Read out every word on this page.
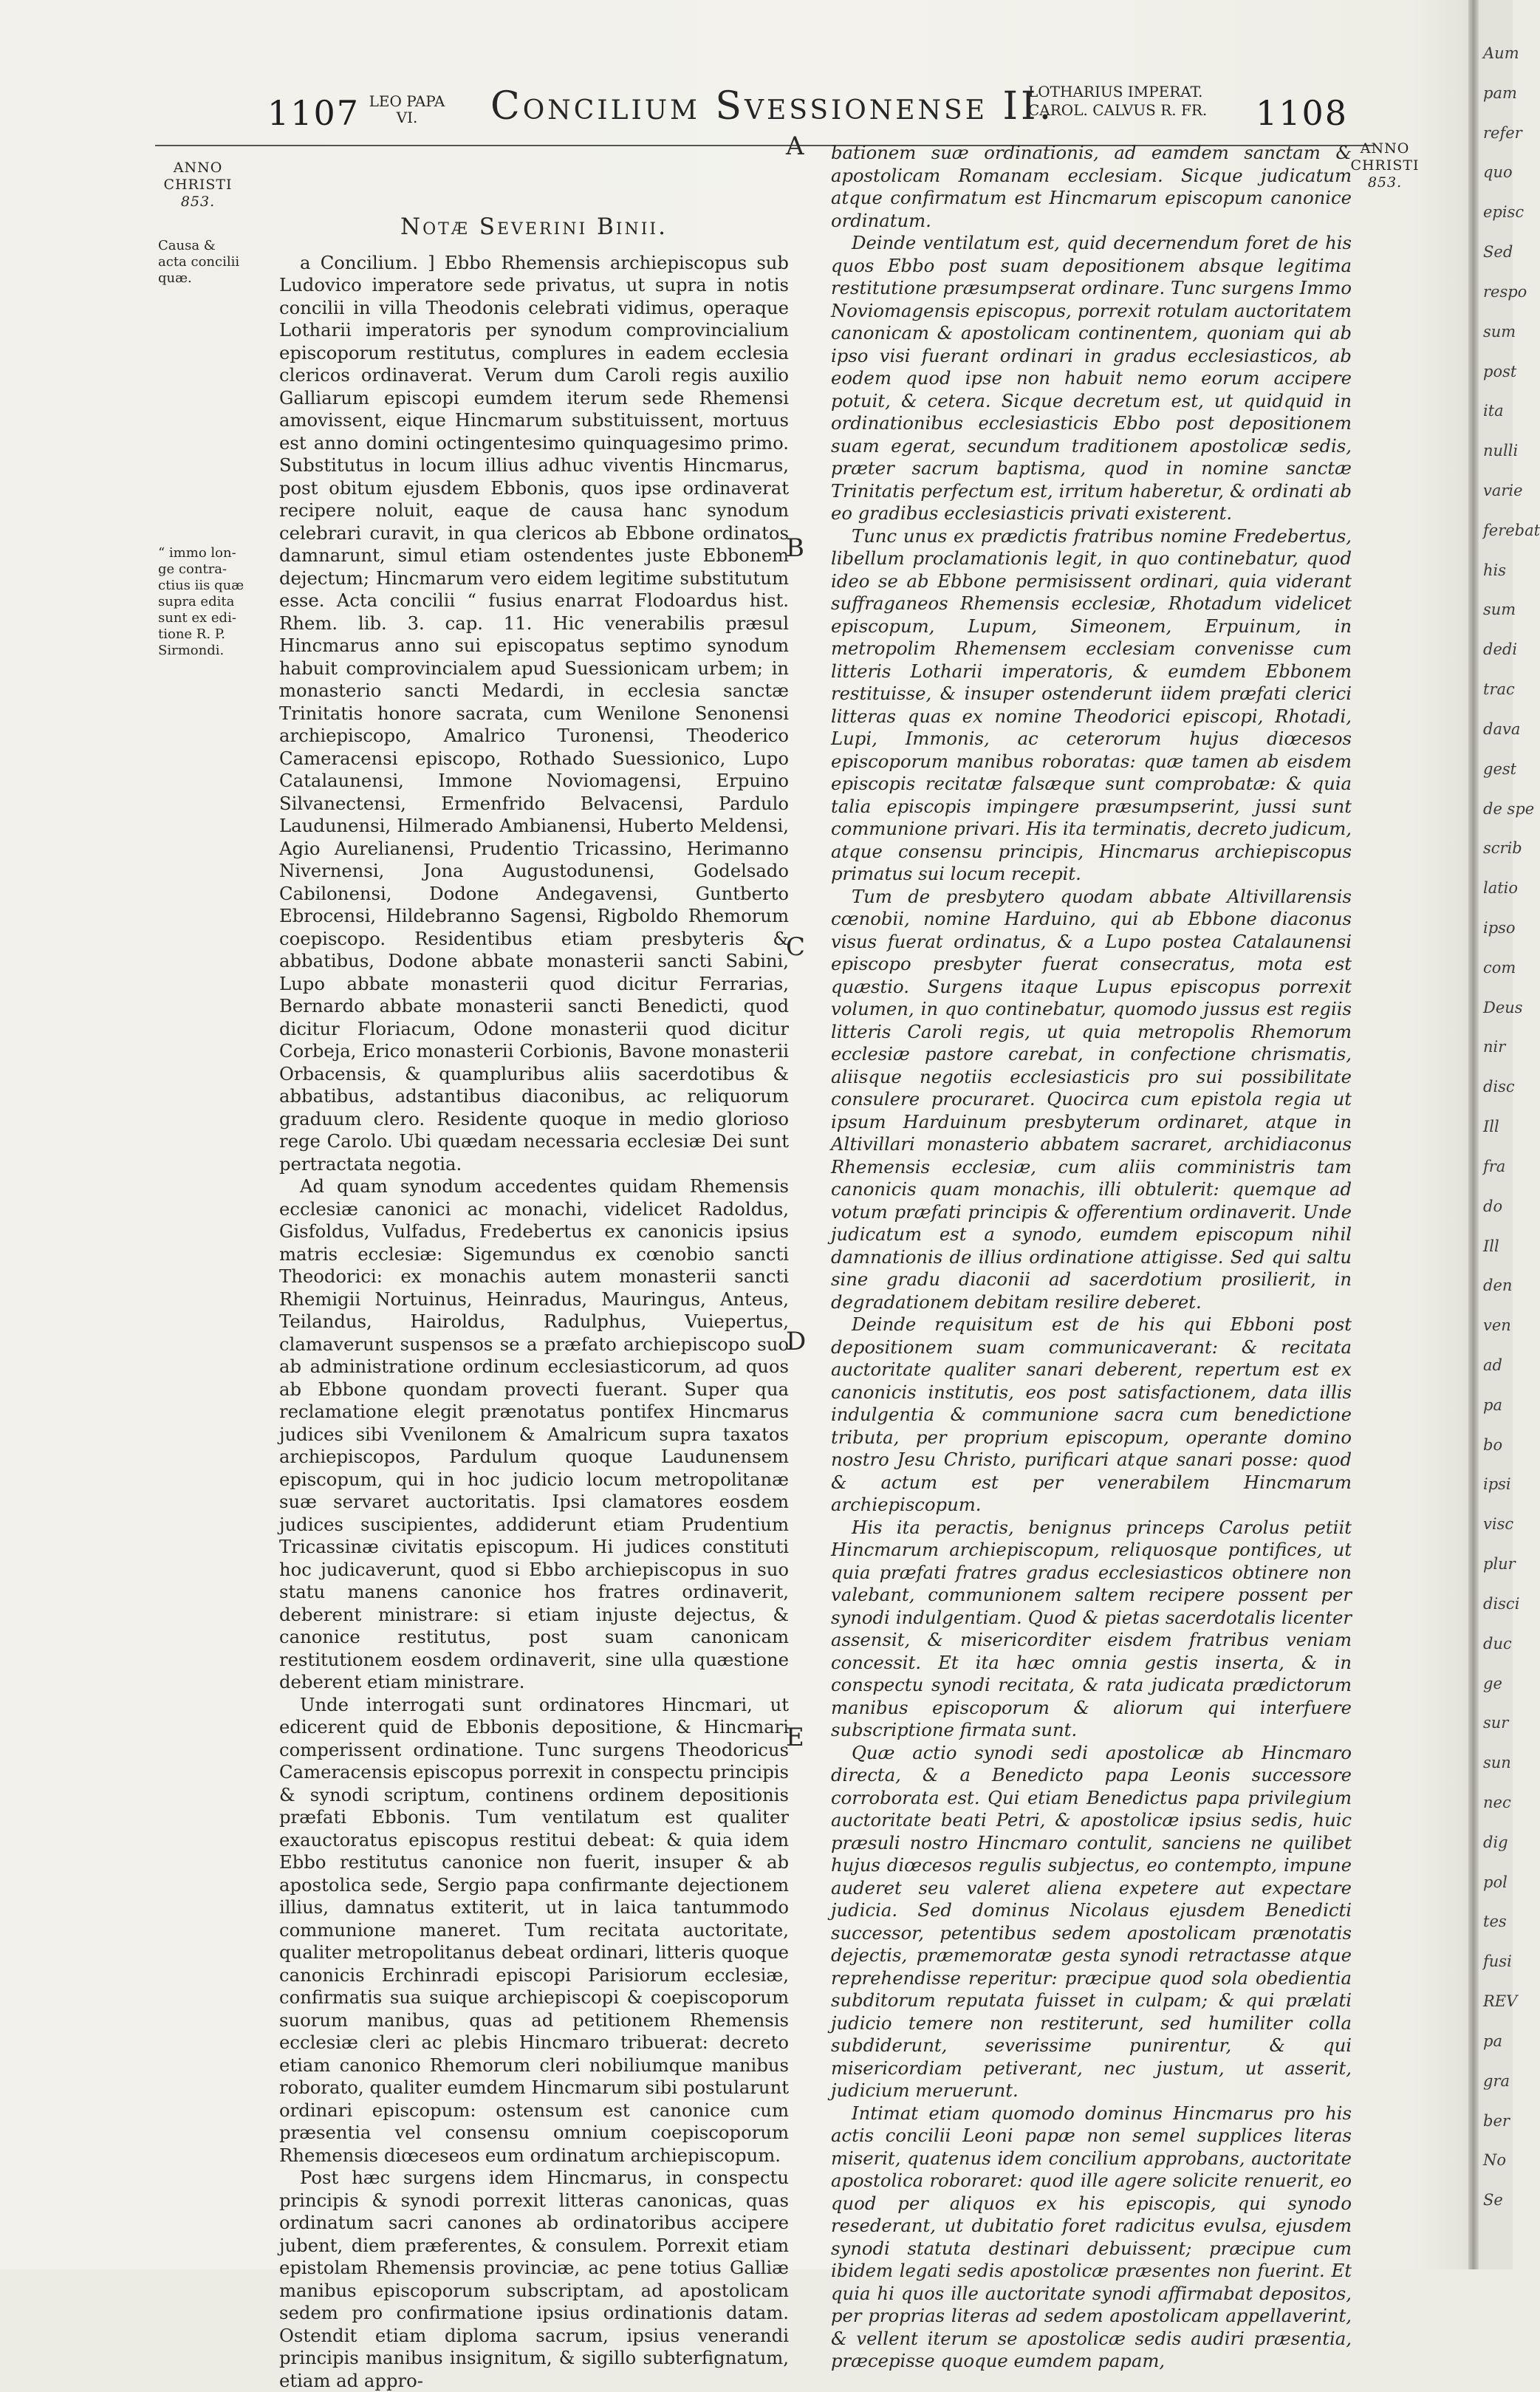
1107 LEO PAPA
VI.	Concilium Svessionense II.
LOTHARIUS IMPERAT.
CAROL. CALVUS R. FR.	1108
ANNO
CHRISTI
853.
ANNO
CHRISTI
853.
Causa &
acta concilii
quæ.
“ immo lon-
ge contra-
ctius iis quæ
supra edita
sunt ex edi-
tione R. P.
Sirmondi.

Notæ Severini Binii.

a Concilium. ] Ebbo Rhemensis archiepiscopus sub Ludovico imperatore sede privatus, ut supra in notis concilii in villa Theodonis celebrati vidimus, operaque Lotharii imperatoris per synodum comprovincialium episcoporum restitutus, complures in eadem ecclesia clericos ordinaverat. Verum dum Caroli regis auxilio Galliarum episcopi eumdem iterum sede Rhemensi amovissent, eique Hincmarum substituissent, mortuus est anno domini octingentesimo quinquagesimo primo. Substitutus in locum illius adhuc viventis Hincmarus, post obitum ejusdem Ebbonis, quos ipse ordinaverat recipere noluit, eaque de causa hanc synodum celebrari curavit, in qua clericos ab Ebbone ordinatos damnarunt, simul etiam ostendentes juste Ebbonem dejectum; Hincmarum vero eidem legitime substitutum esse. Acta concilii “ fusius enarrat Flodoardus hist. Rhem. lib. 3. cap. 11. Hic venerabilis præsul Hincmarus anno sui episcopatus septimo synodum habuit comprovincialem apud Suessionicam urbem; in monasterio sancti Medardi, in ecclesia sanctæ Trinitatis honore sacrata, cum Wenilone Senonensi archiepiscopo, Amalrico Turonensi, Theoderico Cameracensi episcopo, Rothado Suessionico, Lupo Catalaunensi, Immone Noviomagensi, Erpuino Silvanectensi, Ermenfrido Belvacensi, Pardulo Laudunensi, Hilmerado Ambianensi, Huberto Meldensi, Agio Aurelianensi, Prudentio Tricassino, Herimanno Nivernensi, Jona Augustodunensi, Godelsado Cabilonensi, Dodone Andegavensi, Guntberto Ebrocensi, Hildebranno Sagensi, Rigboldo Rhemorum coepiscopo. Residentibus etiam presbyteris & abbatibus, Dodone abbate monasterii sancti Sabini, Lupo abbate monasterii quod dicitur Ferrarias, Bernardo abbate monasterii sancti Benedicti, quod dicitur Floriacum, Odone monasterii quod dicitur Corbeja, Erico monasterii Corbionis, Bavone monasterii Orbacensis, & quampluribus aliis sacerdotibus & abbatibus, adstantibus diaconibus, ac reliquorum graduum clero. Residente quoque in medio glorioso rege Carolo. Ubi quædam necessaria ecclesiæ Dei sunt pertractata negotia.

Ad quam synodum accedentes quidam Rhemensis ecclesiæ canonici ac monachi, videlicet Radoldus, Gisfoldus, Vulfadus, Fredebertus ex canonicis ipsius matris ecclesiæ: Sigemundus ex cœnobio sancti Theodorici: ex monachis autem monasterii sancti Rhemigii Nortuinus, Heinradus, Mauringus, Anteus, Teilandus, Hairoldus, Radulphus, Vuiepertus, clamaverunt suspensos se a præfato archiepiscopo suo ab administratione ordinum ecclesiasticorum, ad quos ab Ebbone quondam provecti fuerant. Super qua reclamatione elegit prænotatus pontifex Hincmarus judices sibi Vvenilonem & Amalricum supra taxatos archiepiscopos, Pardulum quoque Laudunensem episcopum, qui in hoc judicio locum metropolitanæ suæ servaret auctoritatis. Ipsi clamatores eosdem judices suscipientes, addiderunt etiam Prudentium Tricassinæ civitatis episcopum. Hi judices constituti hoc judicaverunt, quod si Ebbo archiepiscopus in suo statu manens canonice hos fratres ordinaverit, deberent ministrare: si etiam injuste dejectus, & canonice restitutus, post suam canonicam restitutionem eosdem ordinaverit, sine ulla quæstione deberent etiam ministrare.

Unde interrogati sunt ordinatores Hincmari, ut edicerent quid de Ebbonis depositione, & Hincmari comperissent ordinatione. Tunc surgens Theodoricus Cameracensis episcopus porrexit in conspectu principis & synodi scriptum, continens ordinem depositionis præfati Ebbonis. Tum ventilatum est qualiter exauctoratus episcopus restitui debeat: & quia idem Ebbo restitutus canonice non fuerit, insuper & ab apostolica sede, Sergio papa confirmante dejectionem illius, damnatus extiterit, ut in laica tantummodo communione maneret. Tum recitata auctoritate, qualiter metropolitanus debeat ordinari, litteris quoque canonicis Erchinradi episcopi Parisiorum ecclesiæ, confirmatis sua suique archiepiscopi & coepiscoporum suorum manibus, quas ad petitionem Rhemensis ecclesiæ cleri ac plebis Hincmaro tribuerat: decreto etiam canonico Rhemorum cleri nobiliumque manibus roborato, qualiter eumdem Hincmarum sibi postularunt ordinari episcopum: ostensum est canonice cum præsentia vel consensu omnium coepiscoporum Rhemensis diœceseos eum ordinatum archiepiscopum.

Post hæc surgens idem Hincmarus, in conspectu principis & synodi porrexit litteras canonicas, quas ordinatum sacri canones ab ordinatoribus accipere jubent, diem præferentes, & consulem. Porrexit etiam epistolam Rhemensis provinciæ, ac pene totius Galliæ manibus episcoporum subscriptam, ad apostolicam sedem pro confirmatione ipsius ordinationis datam. Ostendit etiam diploma sacrum, ipsius venerandi principis manibus insignitum, & sigillo subterfignatum, etiam ad appro-

A
B
C
D
E

bationem suæ ordinationis, ad eamdem sanctam & apostolicam Romanam ecclesiam. Sicque judicatum atque confirmatum est Hincmarum episcopum canonice ordinatum.

Deinde ventilatum est, quid decernendum foret de his quos Ebbo post suam depositionem absque legitima restitutione præsumpserat ordinare. Tunc surgens Immo Noviomagensis episcopus, porrexit rotulam auctoritatem canonicam & apostolicam continentem, quoniam qui ab ipso visi fuerant ordinari in gradus ecclesiasticos, ab eodem quod ipse non habuit nemo eorum accipere potuit, & cetera. Sicque decretum est, ut quidquid in ordinationibus ecclesiasticis Ebbo post depositionem suam egerat, secundum traditionem apostolicæ sedis, præter sacrum baptisma, quod in nomine sanctæ Trinitatis perfectum est, irritum haberetur, & ordinati ab eo gradibus ecclesiasticis privati existerent.

Tunc unus ex prædictis fratribus nomine Fredebertus, libellum proclamationis legit, in quo continebatur, quod ideo se ab Ebbone permisissent ordinari, quia viderant suffraganeos Rhemensis ecclesiæ, Rhotadum videlicet episcopum, Lupum, Simeonem, Erpuinum, in metropolim Rhemensem ecclesiam convenisse cum litteris Lotharii imperatoris, & eumdem Ebbonem restituisse, & insuper ostenderunt iidem præfati clerici litteras quas ex nomine Theodorici episcopi, Rhotadi, Lupi, Immonis, ac ceterorum hujus diœcesos episcoporum manibus roboratas: quæ tamen ab eisdem episcopis recitatæ falsæque sunt comprobatæ: & quia talia episcopis impingere præsumpserint, jussi sunt communione privari. His ita terminatis, decreto judicum, atque consensu principis, Hincmarus archiepiscopus primatus sui locum recepit.

Tum de presbytero quodam abbate Altivillarensis cœnobii, nomine Harduino, qui ab Ebbone diaconus visus fuerat ordinatus, & a Lupo postea Catalaunensi episcopo presbyter fuerat consecratus, mota est quæstio. Surgens itaque Lupus episcopus porrexit volumen, in quo continebatur, quomodo jussus est regiis litteris Caroli regis, ut quia metropolis Rhemorum ecclesiæ pastore carebat, in confectione chrismatis, aliisque negotiis ecclesiasticis pro sui possibilitate consulere procuraret. Quocirca cum epistola regia ut ipsum Harduinum presbyterum ordinaret, atque in Altivillari monasterio abbatem sacraret, archidiaconus Rhemensis ecclesiæ, cum aliis comministris tam canonicis quam monachis, illi obtulerit: quemque ad votum præfati principis & offerentium ordinaverit. Unde judicatum est a synodo, eumdem episcopum nihil damnationis de illius ordinatione attigisse. Sed qui saltu sine gradu diaconii ad sacerdotium prosilierit, in degradationem debitam resilire deberet.

Deinde requisitum est de his qui Ebboni post depositionem suam communicaverant: & recitata auctoritate qualiter sanari deberent, repertum est ex canonicis institutis, eos post satisfactionem, data illis indulgentia & communione sacra cum benedictione tributa, per proprium episcopum, operante domino nostro Jesu Christo, purificari atque sanari posse: quod & actum est per venerabilem Hincmarum archiepiscopum.

His ita peractis, benignus princeps Carolus petiit Hincmarum archiepiscopum, reliquosque pontifices, ut quia præfati fratres gradus ecclesiasticos obtinere non valebant, communionem saltem recipere possent per synodi indulgentiam. Quod & pietas sacerdotalis licenter assensit, & misericorditer eisdem fratribus veniam concessit. Et ita hæc omnia gestis inserta, & in conspectu synodi recitata, & rata judicata prædictorum manibus episcoporum & aliorum qui interfuere subscriptione firmata sunt.

Quæ actio synodi sedi apostolicæ ab Hincmaro directa, & a Benedicto papa Leonis successore corroborata est. Qui etiam Benedictus papa privilegium auctoritate beati Petri, & apostolicæ ipsius sedis, huic præsuli nostro Hincmaro contulit, sanciens ne quilibet hujus diœcesos regulis subjectus, eo contempto, impune auderet seu valeret aliena expetere aut expectare judicia. Sed dominus Nicolaus ejusdem Benedicti successor, petentibus sedem apostolicam prænotatis dejectis, præmemoratæ gesta synodi retractasse atque reprehendisse reperitur: præcipue quod sola obedientia subditorum reputata fuisset in culpam; & qui prælati judicio temere non restiterunt, sed humiliter colla subdiderunt, severissime punirentur, & qui misericordiam petiverant, nec justum, ut asserit, judicium meruerunt.

Intimat etiam quomodo dominus Hincmarus pro his actis concilii Leoni papæ non semel supplices literas miserit, quatenus idem concilium approbans, auctoritate apostolica roboraret: quod ille agere solicite renuerit, eo quod per aliquos ex his episcopis, qui synodo resederant, ut dubitatio foret radicitus evulsa, ejusdem synodi statuta destinari debuissent; præcipue cum ibidem legati sedis apostolicæ præsentes non fuerint. Et quia hi quos ille auctoritate synodi affirmabat depositos, per proprias literas ad sedem apostolicam appellaverint, & vellent iterum se apostolicæ sedis audiri præsentia, præcepisse quoque eumdem papam,

Aum
pam
refer
quo
episc
Sed
respo
sum
post
ita
nulli
varie
ferebat
his
sum
dedi
trac
dava
gest
de spe
scrib
latio
ipso
com
Deus
nir
disc
Ill
fra
do
Ill
den
ven
ad
pa
bo
ipsi
visc
plur
disci
duc
ge
sur
sun
nec
dig
pol
tes
fusi
REV
pa
gra
ber
No
Se
